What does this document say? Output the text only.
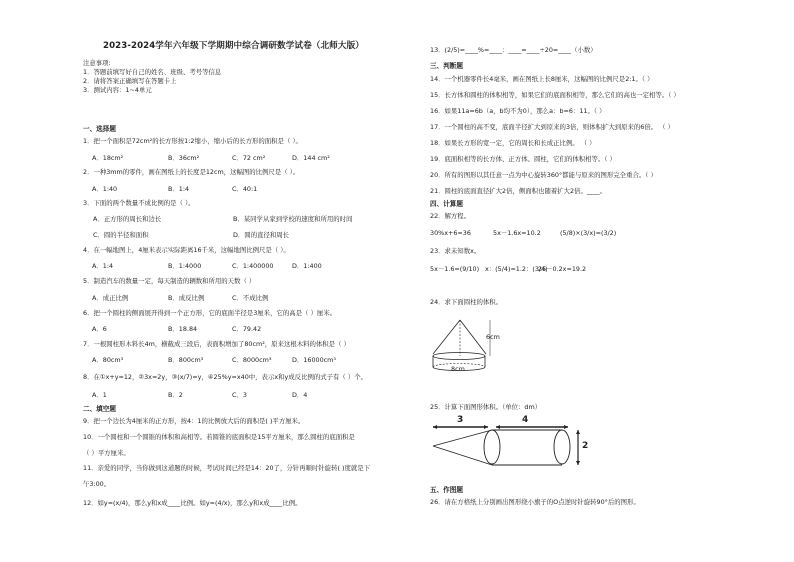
2023-2024学年六年级下学期期中综合调研数学试卷（北师大版）
注意事项:
1．答题前填写好自己的姓名、班级、考号等信息
2．请将答案正确填写在答题卡上
3．测试内容：1~4单元
5x－1.6x=10.2	(5/8)×(3/x)=(3/2)
5x－1.6=(9/10) x：(5/4)=1.2：(3/4)
25－0.2x=19.2
6cm
8cm
3	4
2
一、选择题
1．把一个面积是72cm²的长方形按1:2缩小，缩小后的长方形的面积是（ ）。
A．18cm²	B．36cm²	C．72 cm²	D．144 cm²
2．一种3mm的零件，画在图纸上的长度是12cm，这幅图的比例尺是（ ）。
A．1:40	B．1:4	C．40:1
3．下面的两个数量不成比例的是（ ）。
A．正方形的周长和边长	B．某同学从家到学校的速度和所用的时间
C．圆的半径和面积	D．圆的直径和周长
4．在一幅地图上，4厘米表示实际距离16千米，这幅地图比例尺是（ ）。
A．1:4	B．1:4000	C．1:400000	D．1:400
5．制造汽车的数量一定，每天制造的辆数和所用的天数（ ）
A．成正比例	B．成反比例	C．不成比例
6．把一个圆柱的侧面展开得到一个正方形，它的底面半径是3厘米，它的高是（ ）厘米。
A．6	B．18.84	C．79.42
7．一根圆柱形木料长4m，横截成三段后，表面积增加了80cm²，原来这根木料的体积是（ ）
A．80cm³	B．800cm³	C．8000cm³	D．16000cm³
8．在①x+y=12，②3x=2y，③(x/7)=y，④25%y=x40中，表示x和y成反比例的式子有（ ）个。
A．1	B．2	C．3	D．4
二、填空题
9．把一个边长为4厘米的正方形，按4：1的比例放大后的面积是( )平方厘米。
10．一个圆柱和一个圆锥的体积和高相等。若圆锥的底面积是15平方厘米，那么圆柱的底面积是
（ ）平方厘米。
11．亲爱的同学，当你做到这道题的时候，考试时间已经是14：20了，分针再顺时针旋转( )度就是下
午3:00。
12．如y=(x/4)，那么y和x成____比例。如y=(4/x)，那么y和x成____比例。
13．(2/5)=____%=____：____=____÷20=____（小数）
三、判断题
14．一个机器零件长4毫米，画在图纸上长8厘米，这幅图的比例尺是2:1。（ ）
15．长方体和圆柱的体积相等，如果它们的底面积相等，那么它们的高也一定相等。（ ）
16．如果11a=6b（a，b均不为0），那么a：b=6：11。（ ）
17．一个圆柱的高不变，底面半径扩大到原来的3倍，则体积扩大到原来的6倍。 （ ）
18．如果长方形的宽一定，它的周长和长成正比例。 （ ）
19．底面积相等的长方体、正方体、圆柱，它们的体积相等。（ ）
20．所有的图形以其任意一点为中心旋转360°都能与原来的图形完全重合。（ ）
21．圆柱的底面直径扩大2倍，侧面积也随着扩大2倍。____。
四、计算题
22．解方程。
30%x+6=36
23．求未知数x。
24．求下面圆柱的体积。
25．计算下面图形体积。（单位：dm）
五、作图题
26．请在方格纸上分别画出图形绕小旗子的O点逆时针旋转90°后的图形。
